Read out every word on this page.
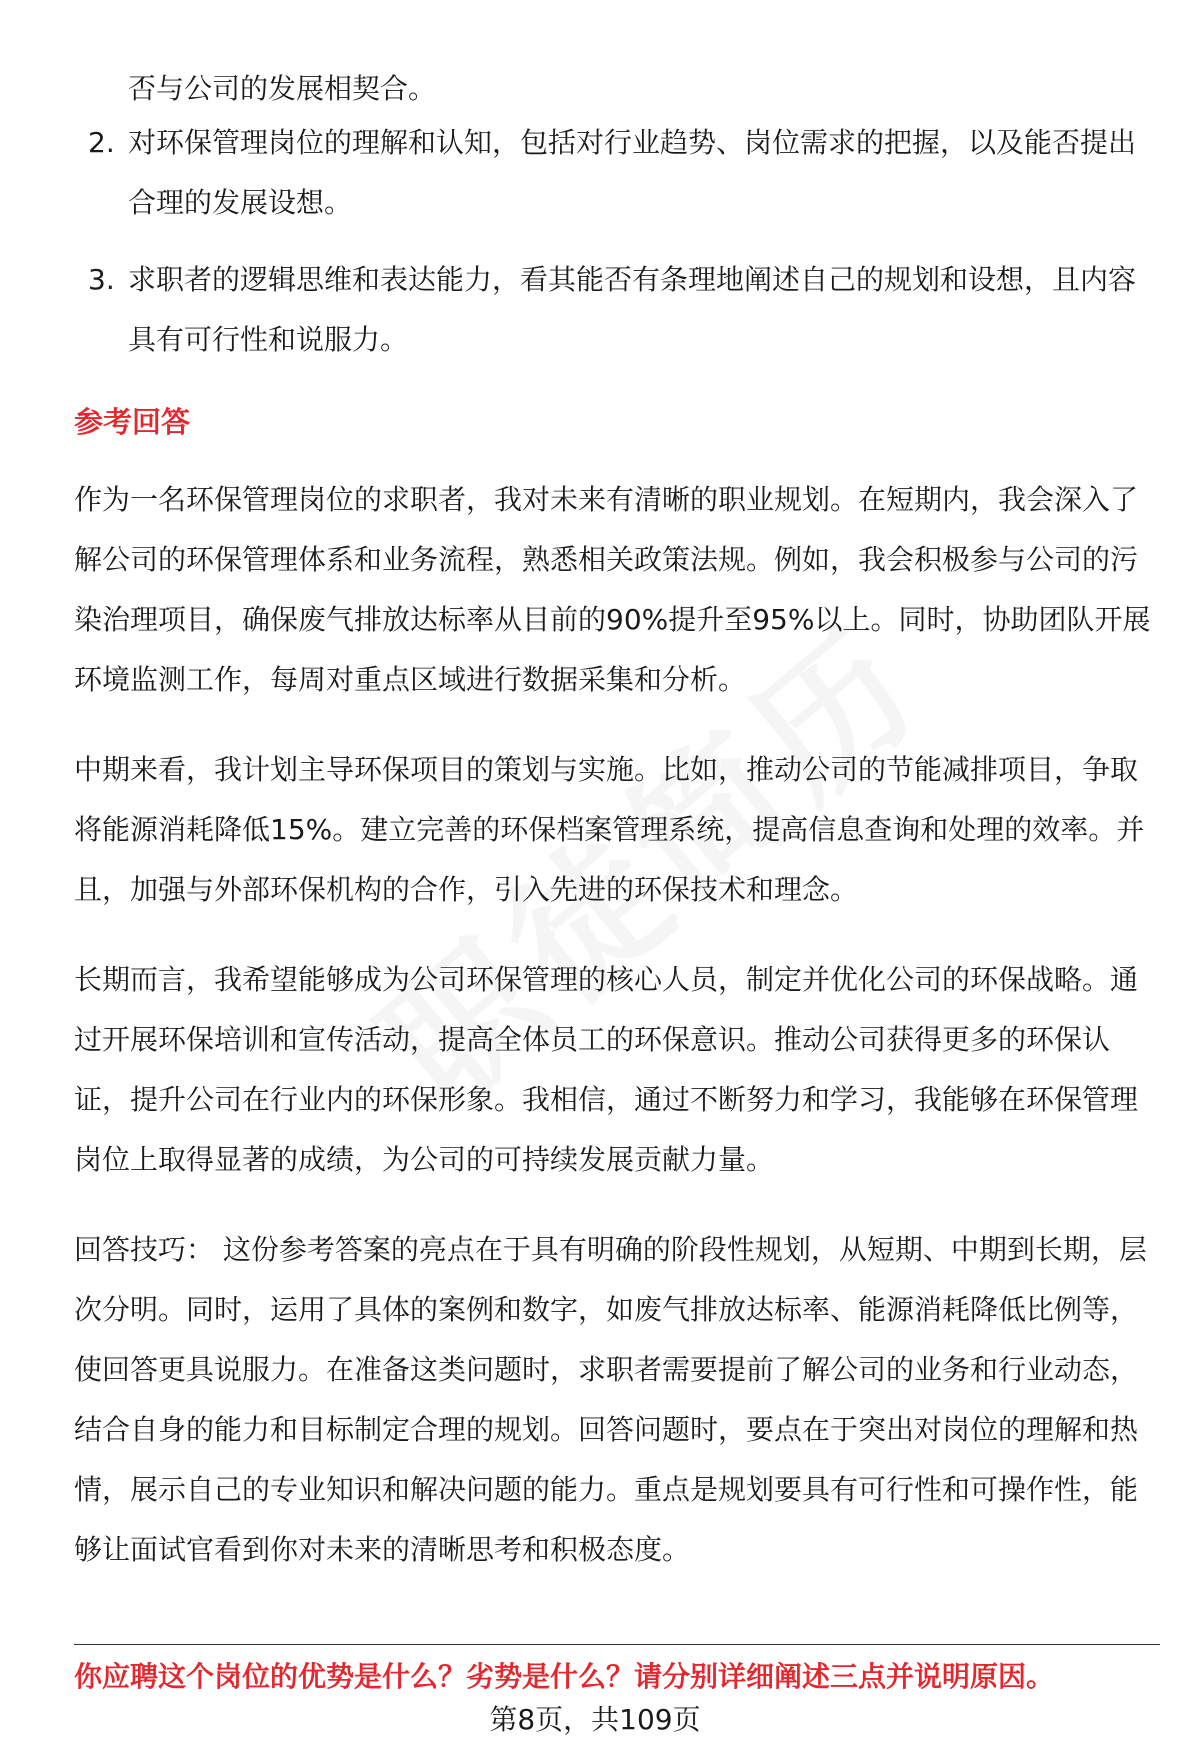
否与公司的发展相契合。
2. 对环保管理岗位的理解和认知，包括对行业趋势、岗位需求的把握，以及能否提出合理的发展设想。
3. 求职者的逻辑思维和表达能力，看其能否有条理地阐述自己的规划和设想，且内容具有可行性和说服力。
参考回答
作为一名环保管理岗位的求职者，我对未来有清晰的职业规划。在短期内，我会深入了解公司的环保管理体系和业务流程，熟悉相关政策法规。例如，我会积极参与公司的污染治理项目，确保废气排放达标率从目前的90%提升至95%以上。同时，协助团队开展环境监测工作，每周对重点区域进行数据采集和分析。
中期来看，我计划主导环保项目的策划与实施。比如，推动公司的节能减排项目，争取将能源消耗降低15%。建立完善的环保档案管理系统，提高信息查询和处理的效率。并且，加强与外部环保机构的合作，引入先进的环保技术和理念。
长期而言，我希望能够成为公司环保管理的核心人员，制定并优化公司的环保战略。通过开展环保培训和宣传活动，提高全体员工的环保意识。推动公司获得更多的环保认证，提升公司在行业内的环保形象。我相信，通过不断努力和学习，我能够在环保管理岗位上取得显著的成绩，为公司的可持续发展贡献力量。
回答技巧： 这份参考答案的亮点在于具有明确的阶段性规划，从短期、中期到长期，层次分明。同时，运用了具体的案例和数字，如废气排放达标率、能源消耗降低比例等，使回答更具说服力。在准备这类问题时，求职者需要提前了解公司的业务和行业动态，结合自身的能力和目标制定合理的规划。回答问题时，要点在于突出对岗位的理解和热情，展示自己的专业知识和解决问题的能力。重点是规划要具有可行性和可操作性，能够让面试官看到你对未来的清晰思考和积极态度。
你应聘这个岗位的优势是什么？劣势是什么？请分别详细阐述三点并说明原因。
第8页，共109页
